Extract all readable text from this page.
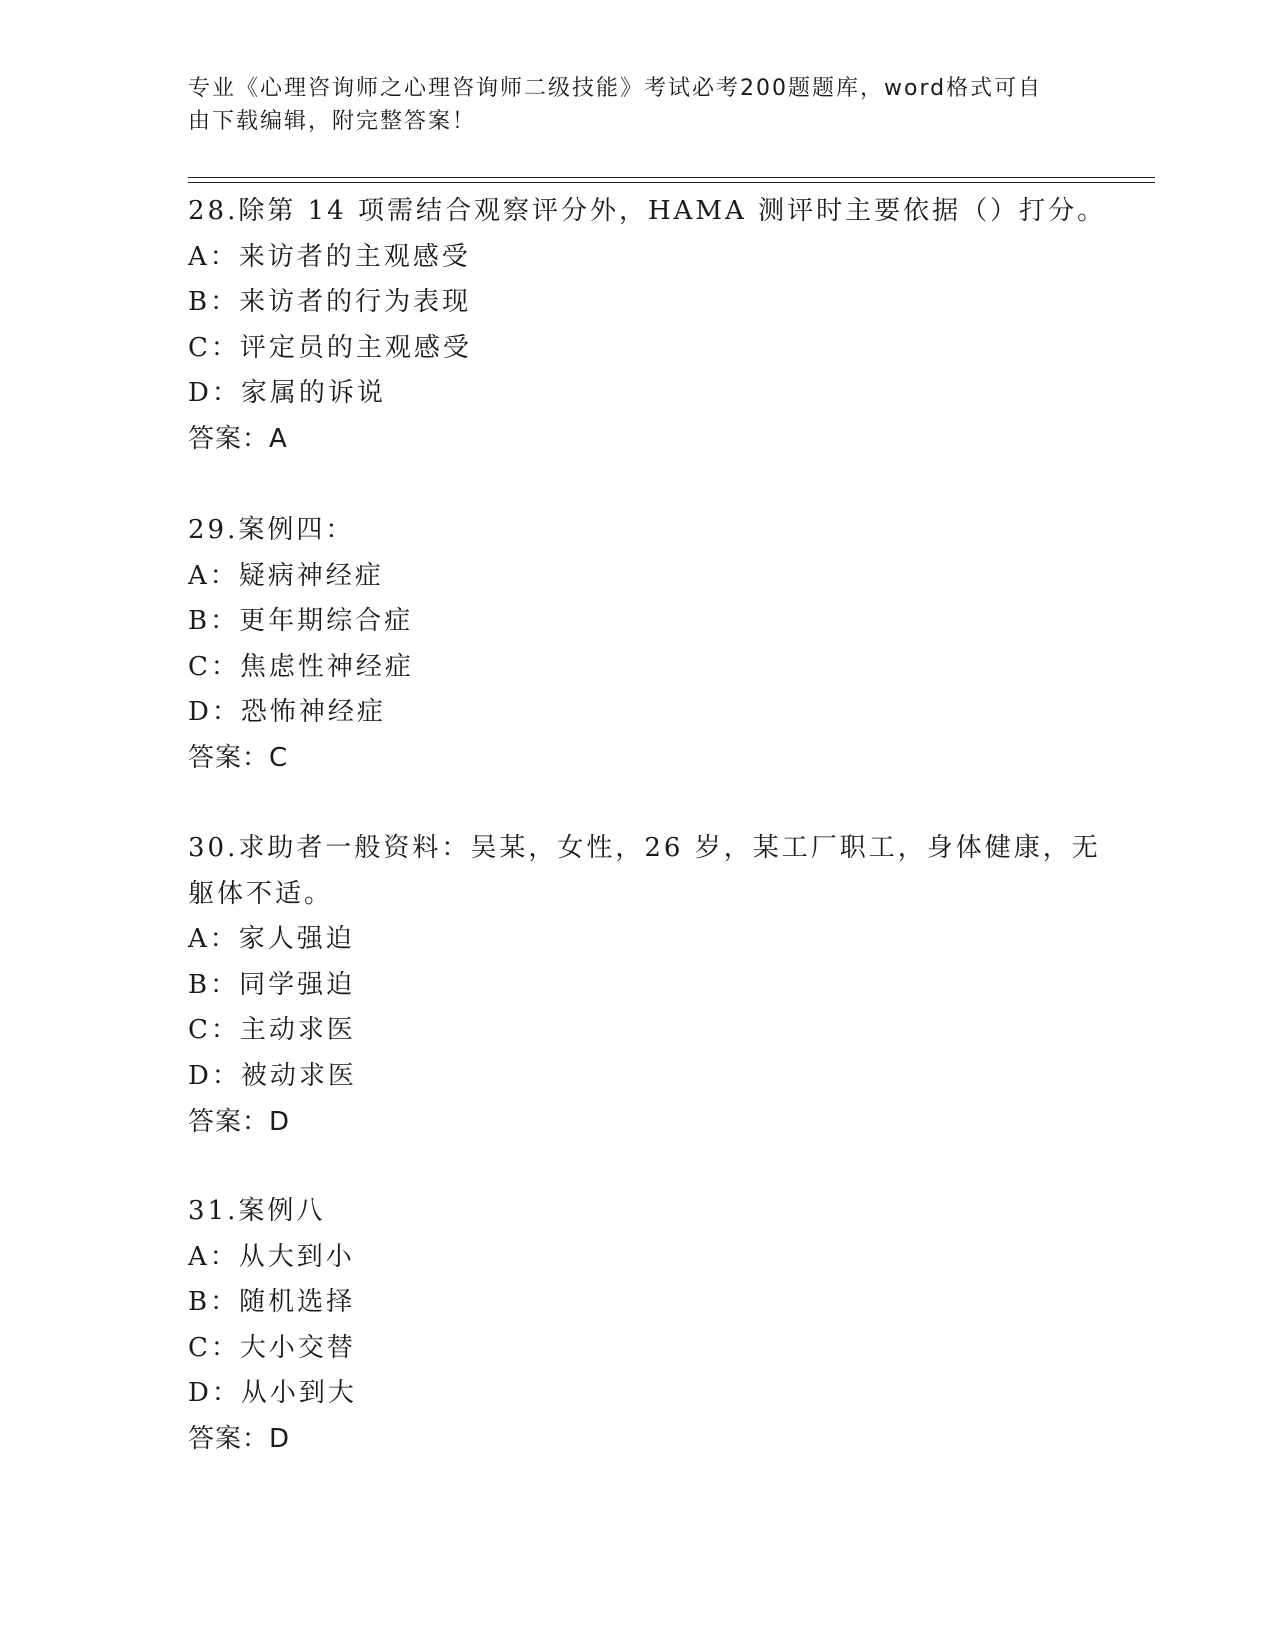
专业《心理咨询师之心理咨询师二级技能》考试必考200题题库，word格式可自
由下载编辑，附完整答案！
28.除第 14 项需结合观察评分外，HAMA 测评时主要依据（）打分。
A：来访者的主观感受
B：来访者的行为表现
C：评定员的主观感受
D：家属的诉说
答案：A
29.案例四：
A：疑病神经症
B：更年期综合症
C：焦虑性神经症
D：恐怖神经症
答案：C
30.求助者一般资料：吴某，女性，26 岁，某工厂职工，身体健康，无
躯体不适。
A：家人强迫
B：同学强迫
C：主动求医
D：被动求医
答案：D
31.案例八
A：从大到小
B：随机选择
C：大小交替
D：从小到大
答案：D
